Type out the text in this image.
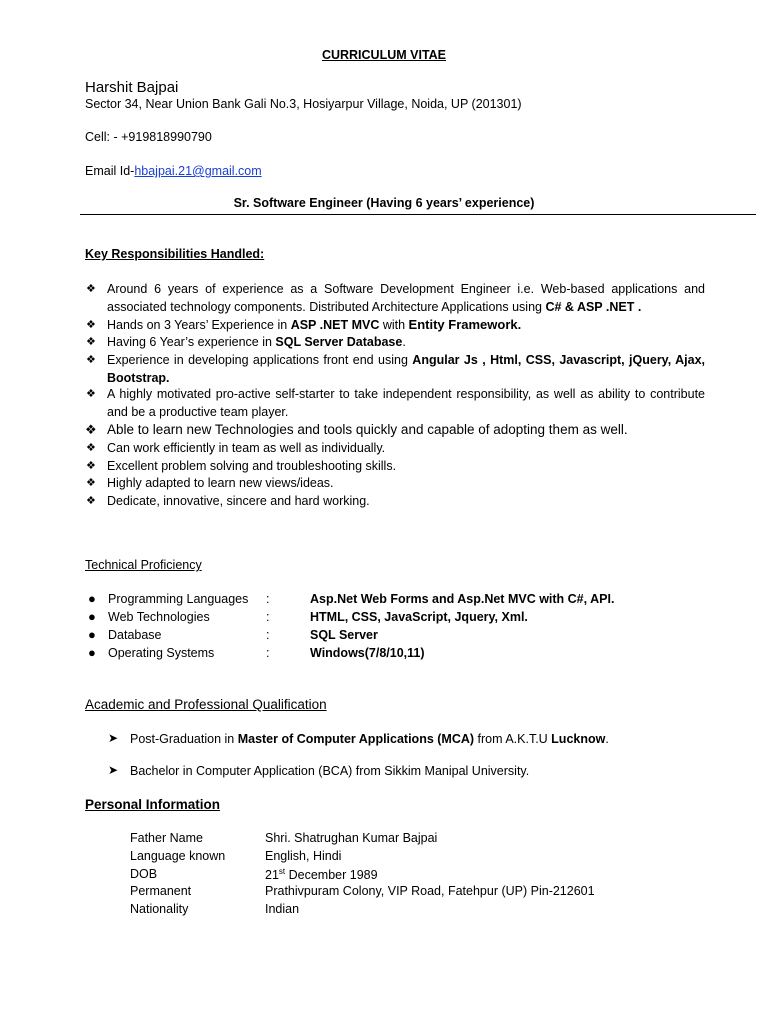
CURRICULUM VITAE
Harshit Bajpai
Sector 34, Near Union Bank Gali No.3, Hosiyarpur Village, Noida, UP (201301)
Cell: - +919818990790
Email Id-hbajpai.21@gmail.com
Sr. Software Engineer (Having 6 years’ experience)
Key Responsibilities Handled:
❖ Around 6 years of experience as a Software Development Engineer i.e. Web-based applications and associated technology components. Distributed Architecture Applications using C# & ASP .NET .
❖ Hands on 3 Years’ Experience in ASP .NET MVC with Entity Framework.
❖ Having 6 Year’s experience in SQL Server Database.
❖ Experience in developing applications front end using Angular Js , Html, CSS, Javascript, jQuery, Ajax, Bootstrap.
❖ A highly motivated pro-active self-starter to take independent responsibility, as well as ability to contribute and be a productive team player.
❖ Able to learn new Technologies and tools quickly and capable of adopting them as well.
❖ Can work efficiently in team as well as individually.
❖ Excellent problem solving and troubleshooting skills.
❖ Highly adapted to learn new views/ideas.
❖ Dedicate, innovative, sincere and hard working.
Technical Proficiency
● Programming Languages :	Asp.Net Web Forms and Asp.Net MVC with C#, API.
● Web Technologies	:	HTML, CSS, JavaScript, Jquery, Xml.
● Database	:	SQL Server
● Operating Systems	:	Windows(7/8/10,11)
Academic and Professional Qualification
➤ Post-Graduation in Master of Computer Applications (MCA) from A.K.T.U Lucknow.
➤ Bachelor in Computer Application (BCA) from Sikkim Manipal University.
Personal Information
Father Name	Shri. Shatrughan Kumar Bajpai
Language known	English, Hindi
DOB	21st December 1989
Permanent	Prathivpuram Colony, VIP Road, Fatehpur (UP) Pin-212601
Nationality	Indian
